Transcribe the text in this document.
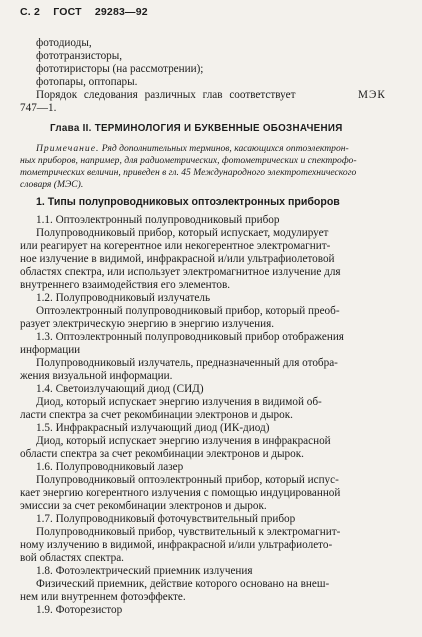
С. 2 ГОСТ 29283—92
фотодиоды,
фототранзисторы,
фототиристоры (на рассмотрении);
фотопары, оптопары.
Порядок следования различных глав соответствует	МЭК
747—1.
Глава II. ТЕРМИНОЛОГИЯ И БУКВЕННЫЕ ОБОЗНАЧЕНИЯ
Примечание. Ряд дополнительных терминов, касающихся оптоэлектрон-
ных приборов, например, для радиометрических, фотометрических и спектрофо-
тометрических величин, приведен в гл. 45 Международного электротехнического
словаря (МЭС).
1. Типы полупроводниковых оптоэлектронных приборов
1.1. Оптоэлектронный полупроводниковый прибор
Полупроводниковый прибор, который испускает, модулирует
или реагирует на когерентное или некогерентное электромагнит-
ное излучение в видимой, инфракрасной и/или ультрафиолетовой
областях спектра, или использует электромагнитное излучение для
внутреннего взаимодействия его элементов.
1.2. Полупроводниковый излучатель
Оптоэлектронный полупроводниковый прибор, который преоб-
разует электрическую энергию в энергию излучения.
1.3. Оптоэлектронный полупроводниковый прибор отображения
информации
Полупроводниковый излучатель, предназначенный для отобра-
жения визуальной информации.
1.4. Светоизлучающий диод (СИД)
Диод, который испускает энергию излучения в видимой об-
ласти спектра за счет рекомбинации электронов и дырок.
1.5. Инфракрасный излучающий диод (ИК-диод)
Диод, который испускает энергию излучения в инфракрасной
области спектра за счет рекомбинации электронов и дырок.
1.6. Полупроводниковый лазер
Полупроводниковый оптоэлектронный прибор, который испус-
кает энергию когерентного излучения с помощью индуцированной
эмиссии за счет рекомбинации электронов и дырок.
1.7. Полупроводниковый фоточувствительный прибор
Полупроводниковый прибор, чувствительный к электромагнит-
ному излучению в видимой, инфракрасной и/или ультрафиолето-
вой областях спектра.
1.8. Фотоэлектрический приемник излучения
Физический приемник, действие которого основано на внеш-
нем или внутреннем фотоэффекте.
1.9. Фоторезистор
